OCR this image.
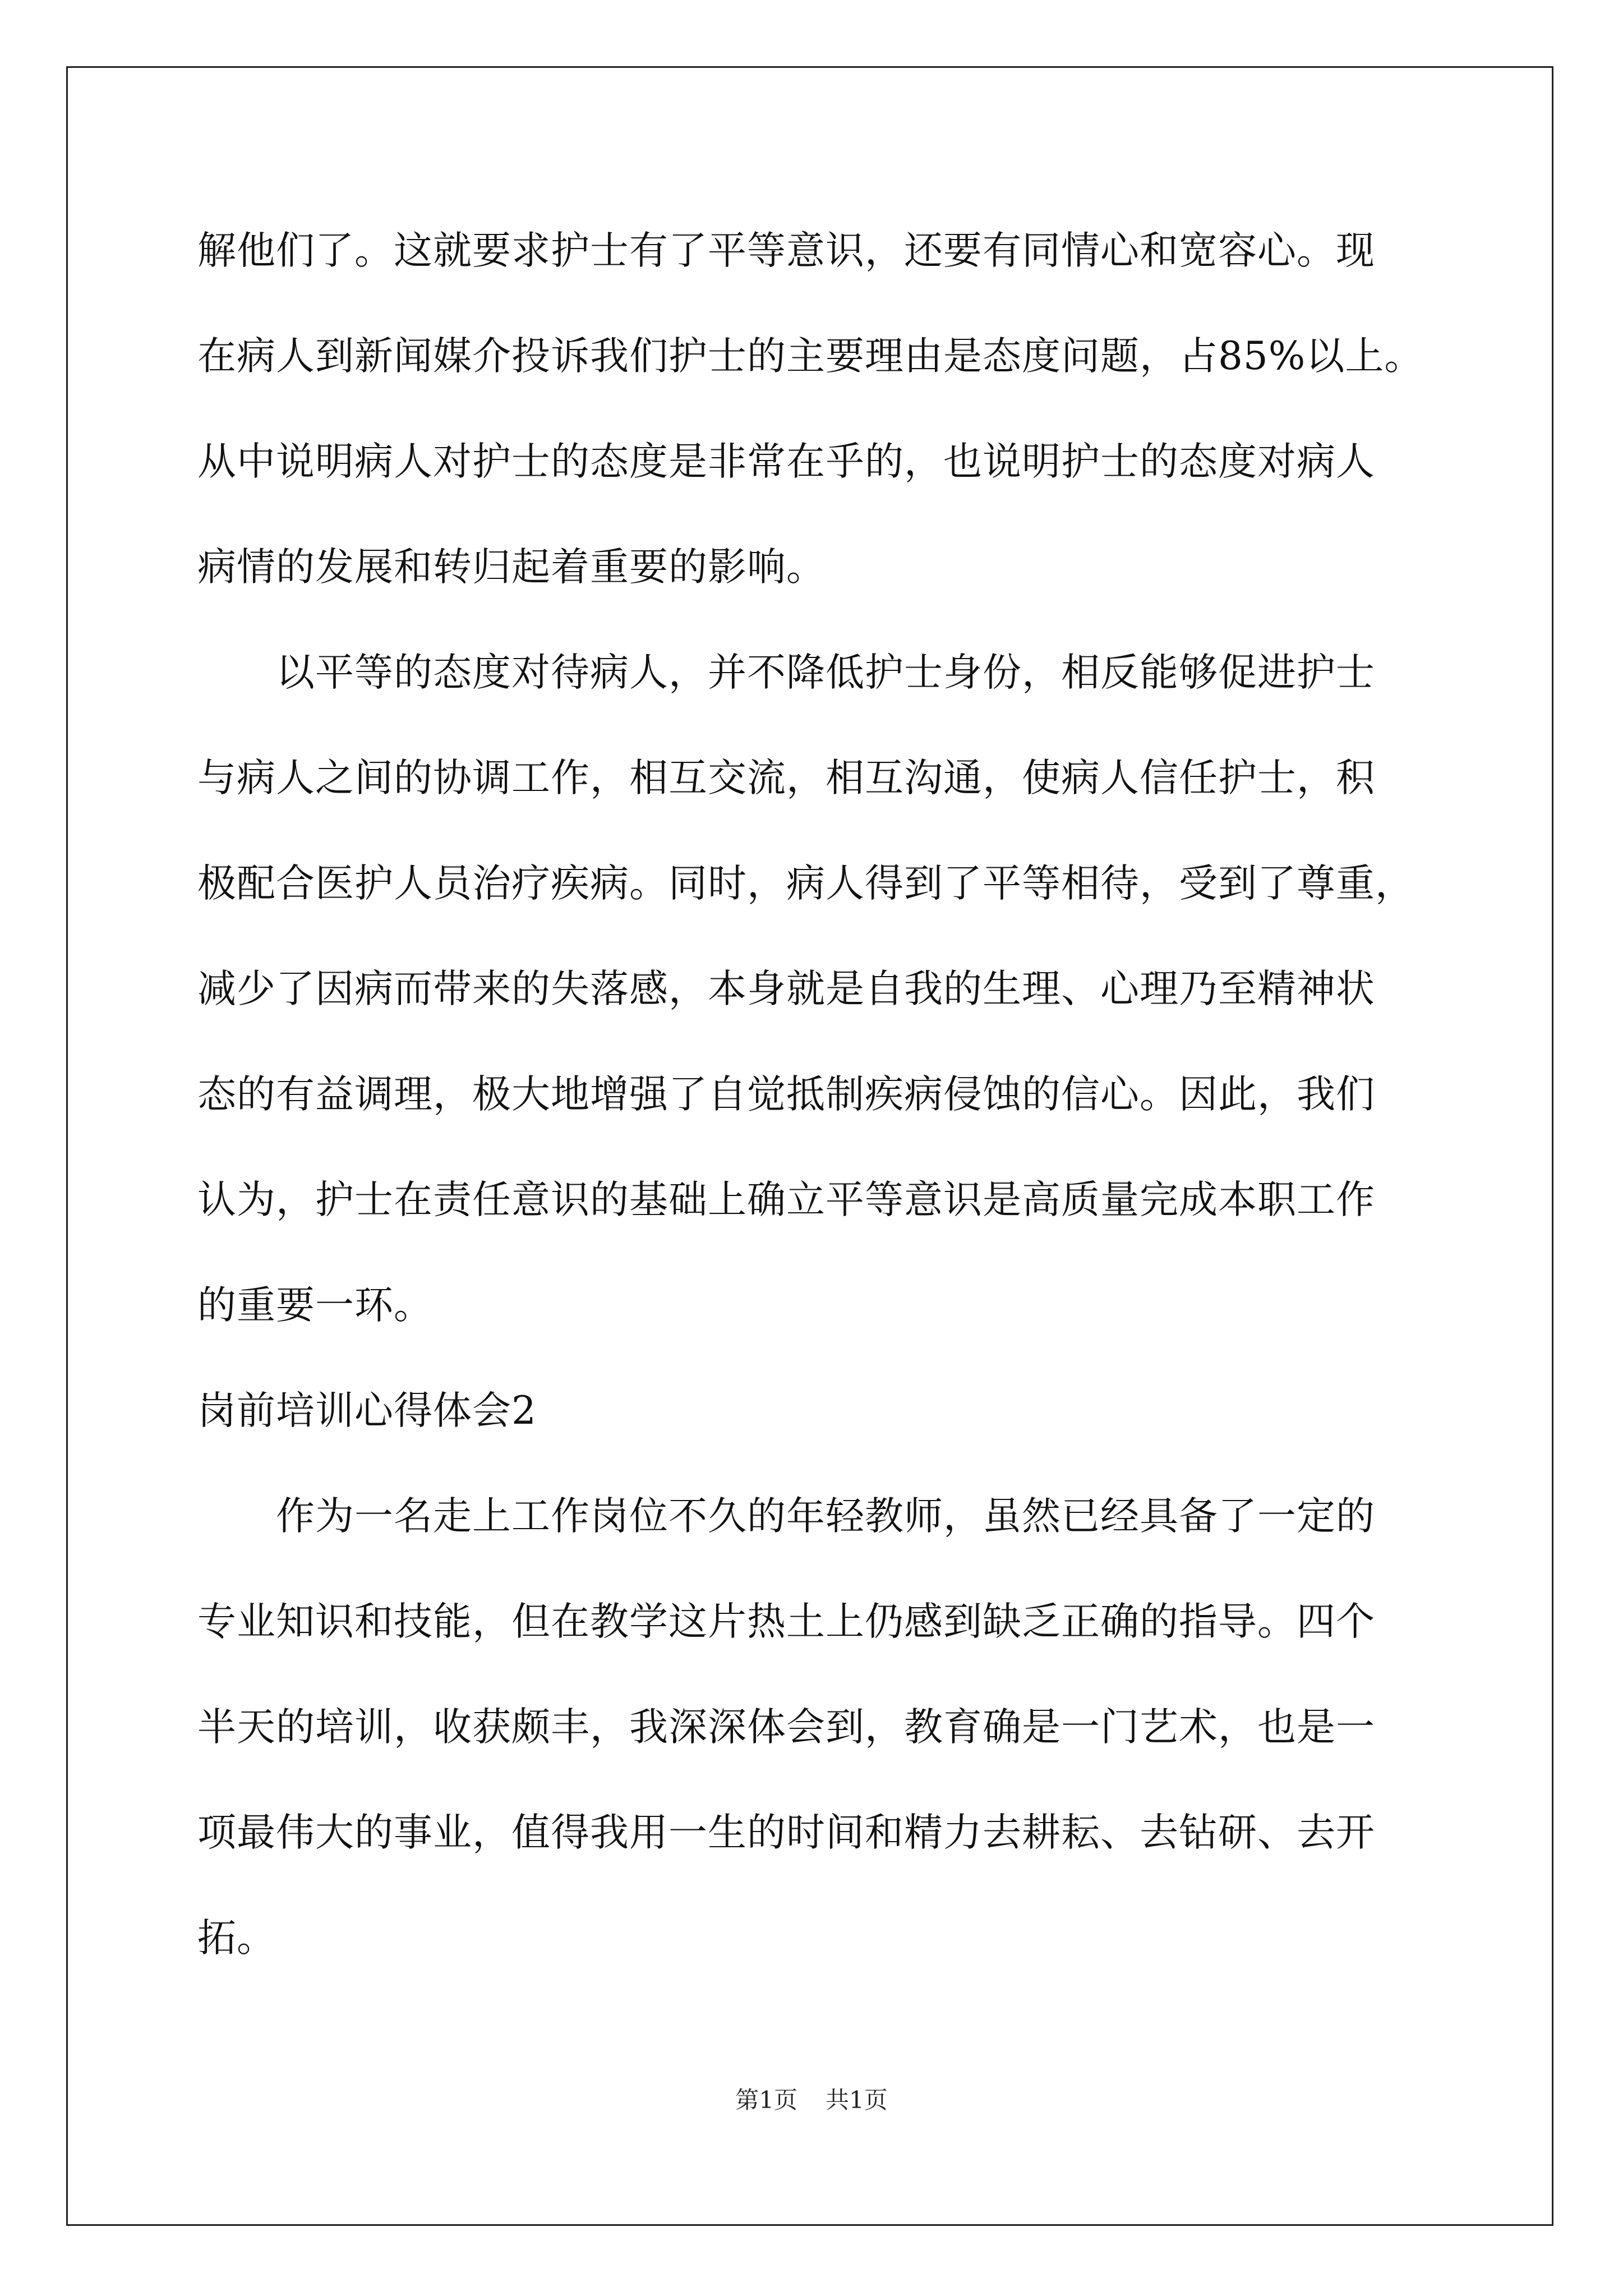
解他们了。这就要求护士有了平等意识，还要有同情心和宽容心。现
在病人到新闻媒介投诉我们护士的主要理由是态度问题，占85%以上。
从中说明病人对护士的态度是非常在乎的，也说明护士的态度对病人
病情的发展和转归起着重要的影响。
以平等的态度对待病人，并不降低护士身份，相反能够促进护士
与病人之间的协调工作，相互交流，相互沟通，使病人信任护士，积
极配合医护人员治疗疾病。同时，病人得到了平等相待，受到了尊重，
减少了因病而带来的失落感，本身就是自我的生理、心理乃至精神状
态的有益调理，极大地增强了自觉抵制疾病侵蚀的信心。因此，我们
认为，护士在责任意识的基础上确立平等意识是高质量完成本职工作
的重要一环。
岗前培训心得体会2
作为一名走上工作岗位不久的年轻教师，虽然已经具备了一定的
专业知识和技能，但在教学这片热土上仍感到缺乏正确的指导。四个
半天的培训，收获颇丰，我深深体会到，教育确是一门艺术，也是一
项最伟大的事业，值得我用一生的时间和精力去耕耘、去钻研、去开
拓。
第1页 共1页
